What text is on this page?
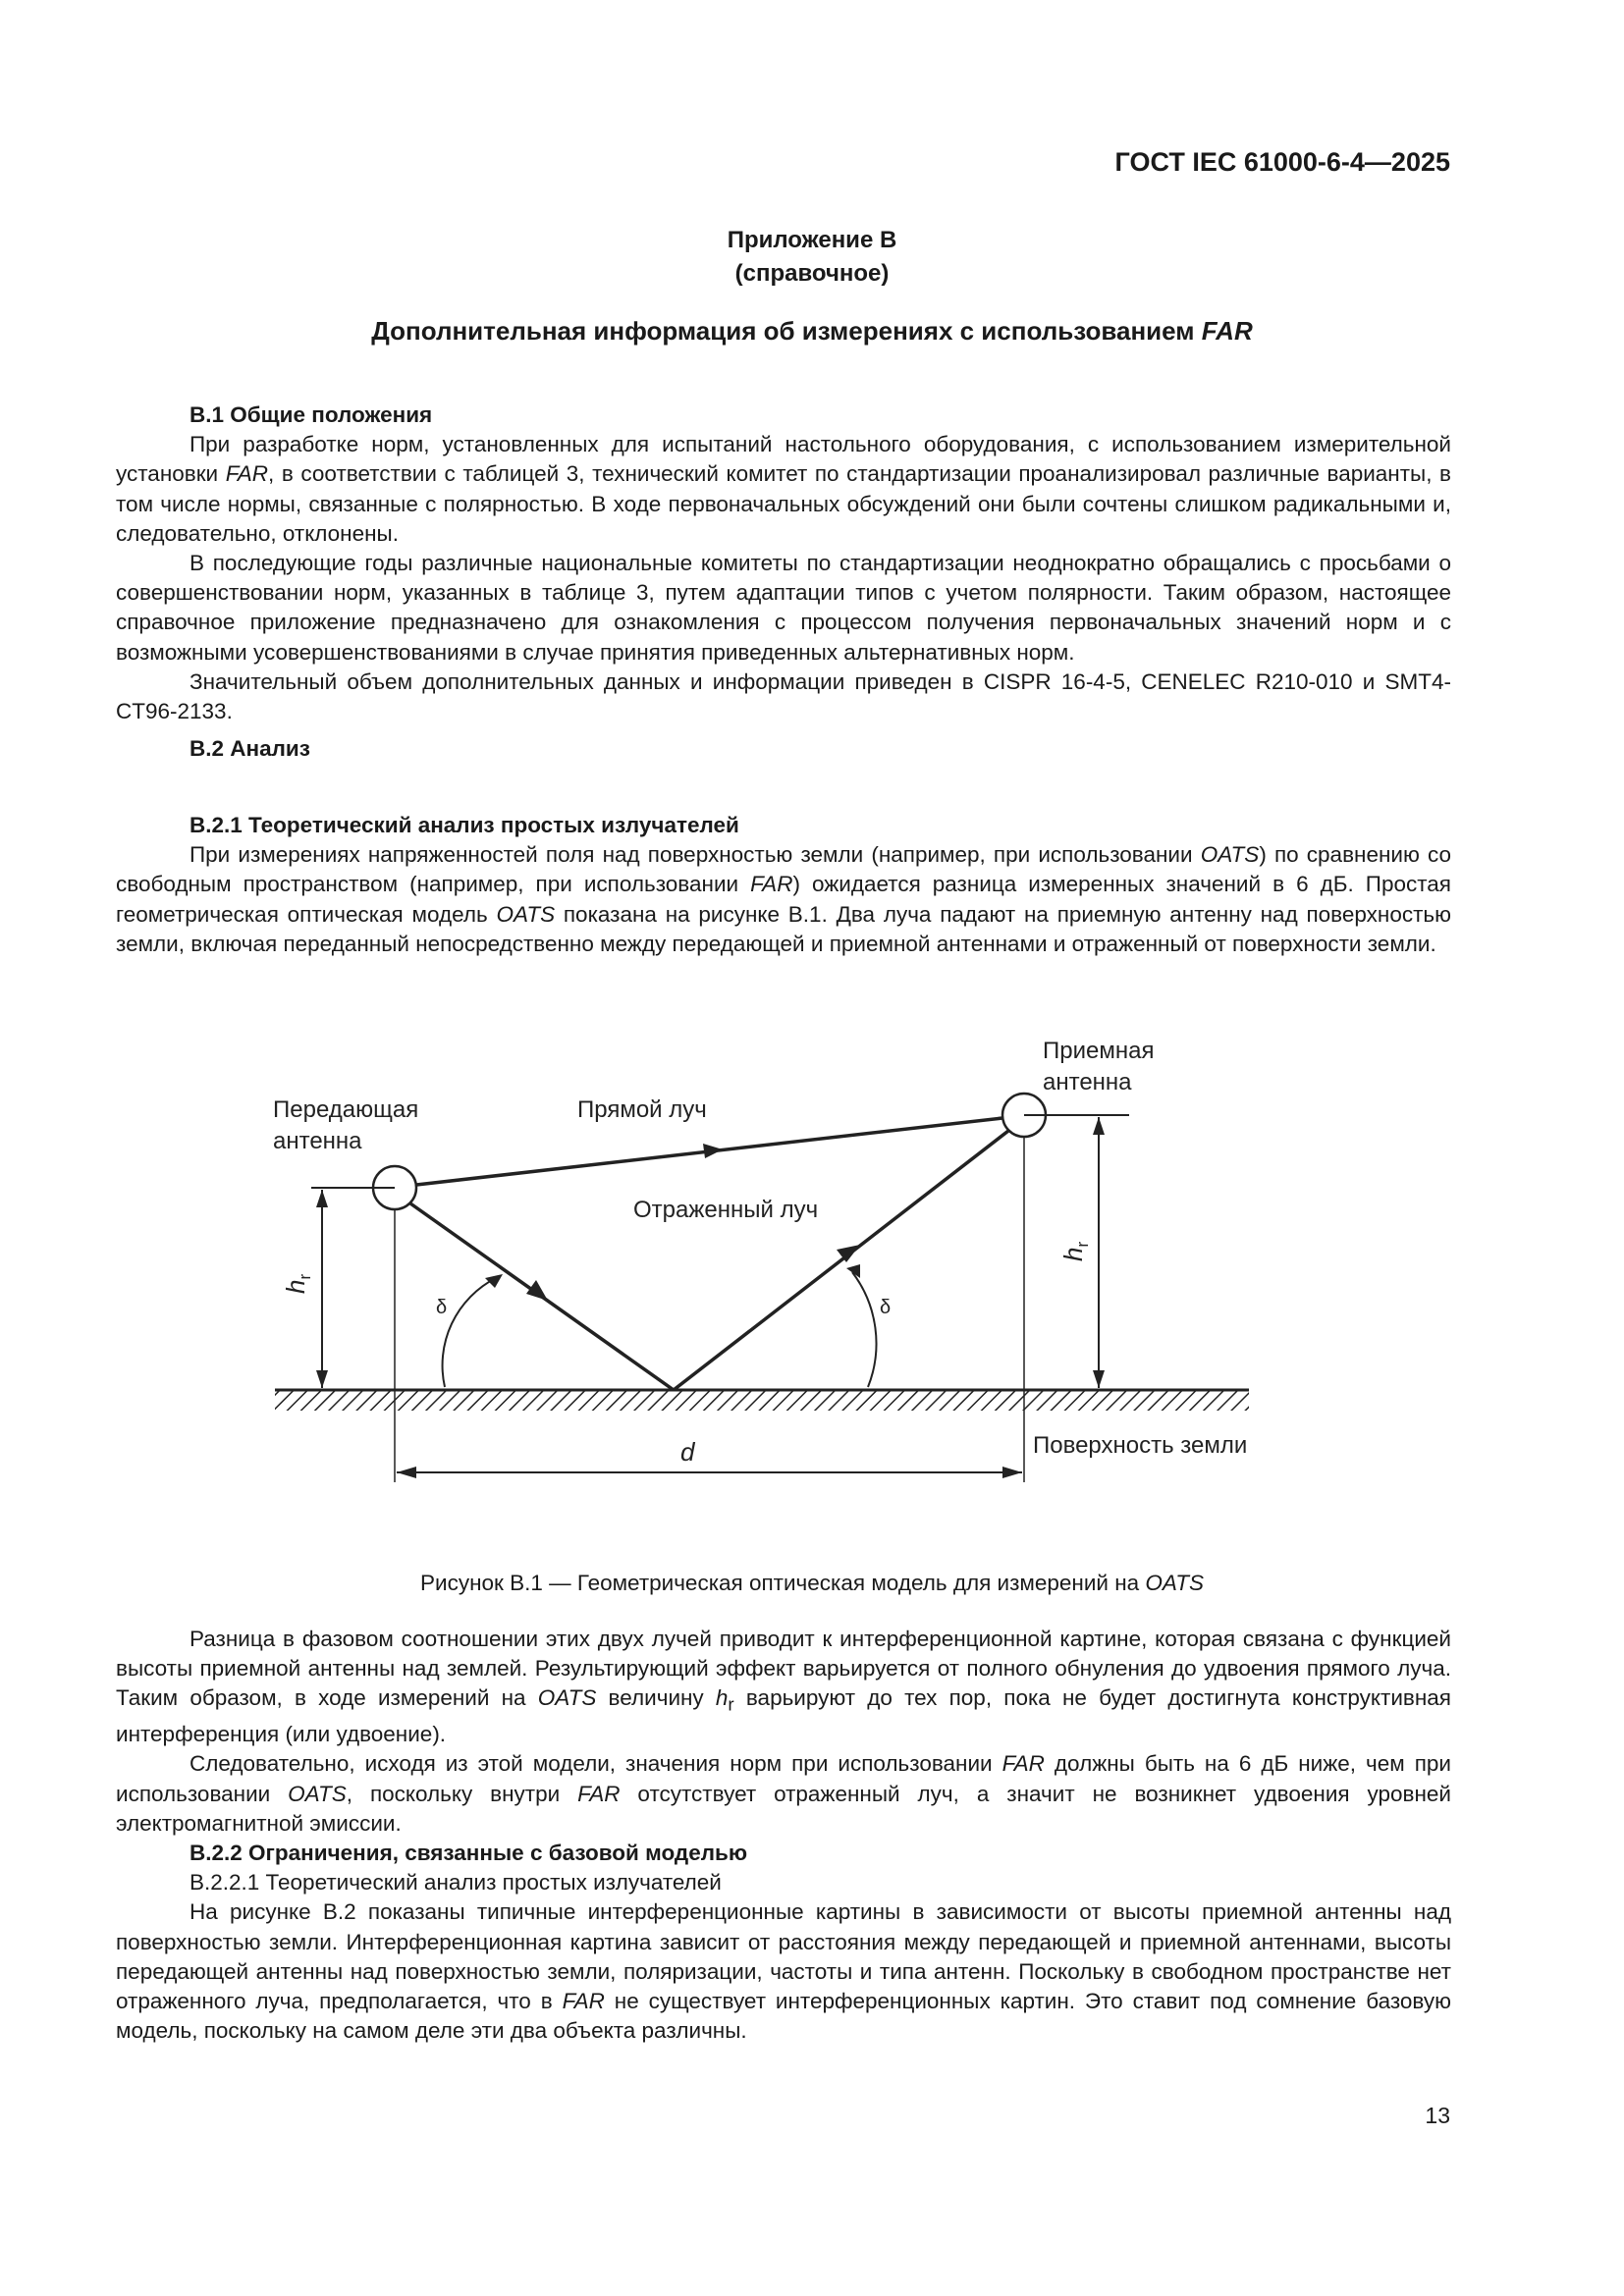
ГОСТ IEC 61000-6-4—2025
Приложение В
(справочное)
Дополнительная информация об измерениях с использованием FAR
В.1 Общие положения

При разработке норм, установленных для испытаний настольного оборудования, с использованием измерительной установки FAR, в соответствии с таблицей 3, технический комитет по стандартизации проанализировал различные варианты, в том числе нормы, связанные с полярностью. В ходе первоначальных обсуждений они были сочтены слишком радикальными и, следовательно, отклонены.

В последующие годы различные национальные комитеты по стандартизации неоднократно обращались с просьбами о совершенствовании норм, указанных в таблице 3, путем адаптации типов с учетом полярности. Таким образом, настоящее справочное приложение предназначено для ознакомления с процессом получения первоначальных значений норм и с возможными усовершенствованиями в случае принятия приведенных альтернативных норм.

Значительный объем дополнительных данных и информации приведен в CISPR 16-4-5, CENELEC R210-010 и SMT4-CT96-2133.

В.2 Анализ
В.2.1 Теоретический анализ простых излучателей

При измерениях напряженностей поля над поверхностью земли (например, при использовании OATS) по сравнению со свободным пространством (например, при использовании FAR) ожидается разница измеренных значений в 6 дБ. Простая геометрическая оптическая модель OATS показана на рисунке В.1. Два луча падают на приемную антенну над поверхностью земли, включая переданный непосредственно между передающей и приемной антеннами и отраженный от поверхности земли.

Передающая
антенна
Приемная
антенна
Прямой луч
Отраженный луч
Поверхность земли
δ	δ
d
$h_r$
$h_r$
Рисунок В.1 — Геометрическая оптическая модель для измерений на OATS

Разница в фазовом соотношении этих двух лучей приводит к интерференционной картине, которая связана с функцией высоты приемной антенны над землей. Результирующий эффект варьируется от полного обнуления до удвоения прямого луча. Таким образом, в ходе измерений на OATS величину $h_r$ варьируют до тех пор, пока не будет достигнута конструктивная интерференция (или удвоение).

Следовательно, исходя из этой модели, значения норм при использовании FAR должны быть на 6 дБ ниже, чем при использовании OATS, поскольку внутри FAR отсутствует отраженный луч, а значит не возникнет удвоения уровней электромагнитной эмиссии.

В.2.2 Ограничения, связанные с базовой моделью
В.2.2.1 Теоретический анализ простых излучателей

На рисунке В.2 показаны типичные интерференционные картины в зависимости от высоты приемной антенны над поверхностью земли. Интерференционная картина зависит от расстояния между передающей и приемной антеннами, высоты передающей антенны над поверхностью земли, поляризации, частоты и типа антенн. Поскольку в свободном пространстве нет отраженного луча, предполагается, что в FAR не существует интерференционных картин. Это ставит под сомнение базовую модель, поскольку на самом деле эти два объекта различны.

13
